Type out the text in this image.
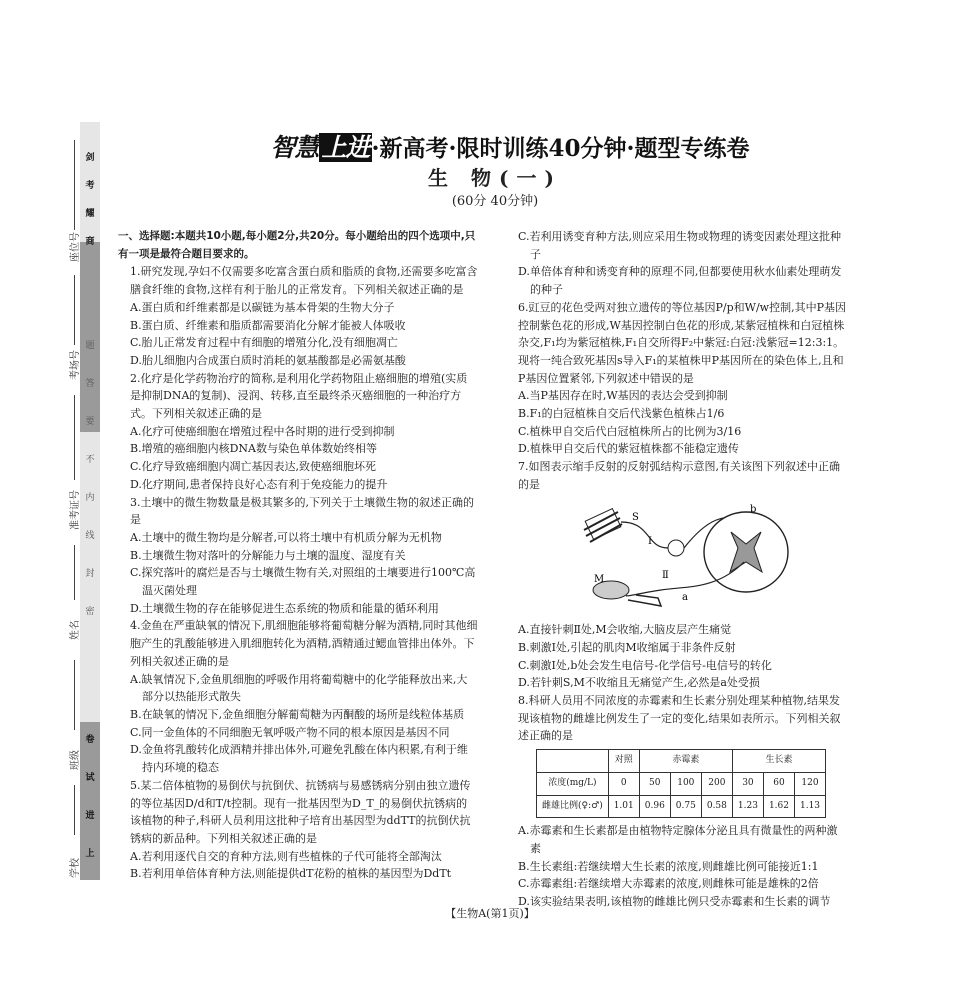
剑
考
耀
商
题
答
要
不
内
线
封
密
卷
试
进
上
座位号
考场号
准考证号
姓名
班级
学校
智慧 上进·新高考·限时训练40分钟·题型专练卷
生 物(一)
(60分 40分钟)

一、选择题:本题共10小题,每小题2分,共20分。每小题给出的四个选项中,只有一项是最符合题目要求的。

1.研究发现,孕妇不仅需要多吃富含蛋白质和脂质的食物,还需要多吃富含膳食纤维的食物,这样有利于胎儿的正常发育。下列相关叙述正确的是

A.蛋白质和纤维素都是以碳链为基本骨架的生物大分子

B.蛋白质、纤维素和脂质都需要消化分解才能被人体吸收

C.胎儿正常发育过程中有细胞的增殖分化,没有细胞凋亡

D.胎儿细胞内合成蛋白质时消耗的氨基酸都是必需氨基酸

2.化疗是化学药物治疗的简称,是利用化学药物阻止癌细胞的增殖(实质是抑制DNA的复制)、浸润、转移,直至最终杀灭癌细胞的一种治疗方式。下列相关叙述正确的是

A.化疗可使癌细胞在增殖过程中各时期的进行受到抑制

B.增殖的癌细胞内核DNA数与染色单体数始终相等

C.化疗导致癌细胞内凋亡基因表达,致使癌细胞坏死

D.化疗期间,患者保持良好心态有利于免疫能力的提升

3.土壤中的微生物数量是极其繁多的,下列关于土壤微生物的叙述正确的是

A.土壤中的微生物均是分解者,可以将土壤中有机质分解为无机物

B.土壤微生物对落叶的分解能力与土壤的温度、湿度有关

C.探究落叶的腐烂是否与土壤微生物有关,对照组的土壤要进行100℃高温灭菌处理

D.土壤微生物的存在能够促进生态系统的物质和能量的循环利用

4.金鱼在严重缺氧的情况下,肌细胞能够将葡萄糖分解为酒精,同时其他细胞产生的乳酸能够进入肌细胞转化为酒精,酒精通过鳃血管排出体外。下列相关叙述正确的是

A.缺氧情况下,金鱼肌细胞的呼吸作用将葡萄糖中的化学能释放出来,大部分以热能形式散失

B.在缺氧的情况下,金鱼细胞分解葡萄糖为丙酮酸的场所是线粒体基质

C.同一金鱼体的不同细胞无氧呼吸产物不同的根本原因是基因不同

D.金鱼将乳酸转化成酒精并排出体外,可避免乳酸在体内积累,有利于维持内环境的稳态

5.某二倍体植物的易倒伏与抗倒伏、抗锈病与易感锈病分别由独立遗传的等位基因D/d和T/t控制。现有一批基因型为D_T_的易倒伏抗锈病的该植物的种子,科研人员利用这批种子培育出基因型为ddTT的抗倒伏抗锈病的新品种。下列相关叙述正确的是

A.若利用逐代自交的育种方法,则有些植株的子代可能将全部淘汰

B.若利用单倍体育种方法,则能提供dT花粉的植株的基因型为DdTt

C.若利用诱变育种方法,则应采用生物或物理的诱变因素处理这批种子

D.单倍体育种和诱变育种的原理不同,但都要使用秋水仙素处理萌发的种子

6.豇豆的花色受两对独立遗传的等位基因P/p和W/w控制,其中P基因控制紫色花的形成,W基因控制白色花的形成,某紫冠植株和白冠植株杂交,F₁均为紫冠植株,F₁自交所得F₂中紫冠:白冠:浅紫冠=12:3:1。现将一纯合致死基因s导入F₁的某植株甲P基因所在的染色体上,且和P基因位置紧邻,下列叙述中错误的是

A.当P基因存在时,W基因的表达会受到抑制

B.F₁的白冠植株自交后代浅紫色植株占1/6

C.植株甲自交后代白冠植株所占的比例为3/16

D.植株甲自交后代的紫冠植株都不能稳定遗传

7.如图表示缩手反射的反射弧结构示意图,有关该图下列叙述中正确的是

S
b
Ⅰ
Ⅱ
M
a

A.直接针刺Ⅱ处,M会收缩,大脑皮层产生痛觉

B.刺激Ⅰ处,引起的肌肉M收缩属于非条件反射

C.刺激Ⅰ处,b处会发生电信号-化学信号-电信号的转化

D.若针刺S,M不收缩且无痛觉产生,必然是a处受损

8.科研人员用不同浓度的赤霉素和生长素分别处理某种植物,结果发现该植物的雌雄比例发生了一定的变化,结果如表所示。下列相关叙述正确的是

	对照	赤霉素			生长素		
浓度(mg/L)	0	50	100	200	30	60	120
雌雄比例(♀:♂)	1.01	0.96	0.75	0.58	1.23	1.62	1.13

A.赤霉素和生长素都是由植物特定腺体分泌且具有微量性的两种激素

B.生长素组:若继续增大生长素的浓度,则雌雄比例可能接近1:1

C.赤霉素组:若继续增大赤霉素的浓度,则雌株可能是雄株的2倍

D.该实验结果表明,该植物的雌雄比例只受赤霉素和生长素的调节

【生物A(第1页)】
